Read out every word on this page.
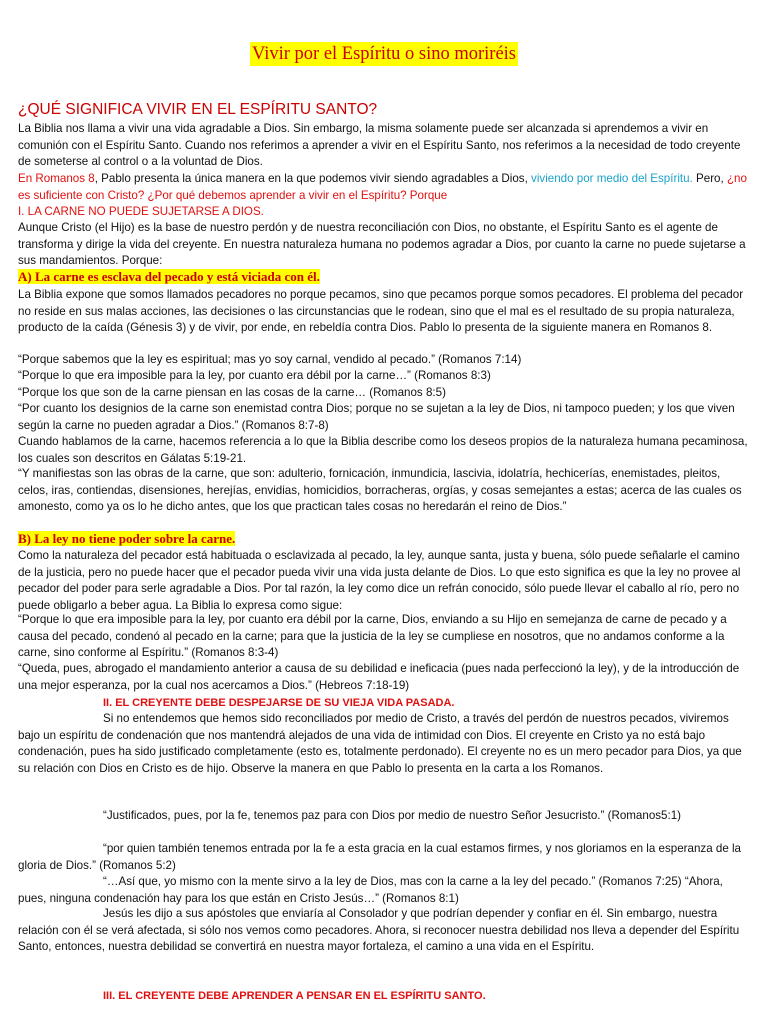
Vivir por el Espíritu o sino moriréis
¿QUÉ SIGNIFICA VIVIR EN EL ESPÍRITU SANTO?

La Biblia nos llama a vivir una vida agradable a Dios. Sin embargo, la misma solamente puede ser alcanzada si aprendemos a vivir en comunión con el Espíritu Santo. Cuando nos referimos a aprender a vivir en el Espíritu Santo, nos referimos a la necesidad de todo creyente de someterse al control o a la voluntad de Dios.

En Romanos 8, Pablo presenta la única manera en la que podemos vivir siendo agradables a Dios, viviendo por medio del Espíritu. Pero, ¿no es suficiente con Cristo? ¿Por qué debemos aprender a vivir en el Espíritu? Porque

I. LA CARNE NO PUEDE SUJETARSE A DIOS.

Aunque Cristo (el Hijo) es la base de nuestro perdón y de nuestra reconciliación con Dios, no obstante, el Espíritu Santo es el agente de transforma y dirige la vida del creyente. En nuestra naturaleza humana no podemos agradar a Dios, por cuanto la carne no puede sujetarse a sus mandamientos. Porque:

A) La carne es esclava del pecado y está viciada con él.

La Biblia expone que somos llamados pecadores no porque pecamos, sino que pecamos porque somos pecadores. El problema del pecador no reside en sus malas acciones, las decisiones o las circunstancias que le rodean, sino que el mal es el resultado de su propia naturaleza, producto de la caída (Génesis 3) y de vivir, por ende, en rebeldía contra Dios. Pablo lo presenta de la siguiente manera en Romanos 8.

“Porque sabemos que la ley es espiritual; mas yo soy carnal, vendido al pecado.” (Romanos 7:14)

“Porque lo que era imposible para la ley, por cuanto era débil por la carne…” (Romanos 8:3)

“Porque los que son de la carne piensan en las cosas de la carne… (Romanos 8:5)

“Por cuanto los designios de la carne son enemistad contra Dios; porque no se sujetan a la ley de Dios, ni tampoco pueden; y los que viven según la carne no pueden agradar a Dios.” (Romanos 8:7-8)

Cuando hablamos de la carne, hacemos referencia a lo que la Biblia describe como los deseos propios de la naturaleza humana pecaminosa, los cuales son descritos en Gálatas 5:19-21.

“Y manifiestas son las obras de la carne, que son: adulterio, fornicación, inmundicia, lascivia, idolatría, hechicerías, enemistades, pleitos, celos, iras, contiendas, disensiones, herejías, envidias, homicidios, borracheras, orgías, y cosas semejantes a estas; acerca de las cuales os amonesto, como ya os lo he dicho antes, que los que practican tales cosas no heredarán el reino de Dios.”

B) La ley no tiene poder sobre la carne.

Como la naturaleza del pecador está habituada o esclavizada al pecado, la ley, aunque santa, justa y buena, sólo puede señalarle el camino de la justicia, pero no puede hacer que el pecador pueda vivir una vida justa delante de Dios. Lo que esto significa es que la ley no provee al pecador del poder para serle agradable a Dios. Por tal razón, la ley como dice un refrán conocido, sólo puede llevar el caballo al río, pero no puede obligarlo a beber agua. La Biblia lo expresa como sigue:

“Porque lo que era imposible para la ley, por cuanto era débil por la carne, Dios, enviando a su Hijo en semejanza de carne de pecado y a causa del pecado, condenó al pecado en la carne; para que la justicia de la ley se cumpliese en nosotros, que no andamos conforme a la carne, sino conforme al Espíritu.” (Romanos 8:3-4)

“Queda, pues, abrogado el mandamiento anterior a causa de su debilidad e ineficacia (pues nada perfeccionó la ley), y de la introducción de una mejor esperanza, por la cual nos acercamos a Dios.” (Hebreos 7:18-19)

II. EL CREYENTE DEBE DESPEJARSE DE SU VIEJA VIDA PASADA.

Si no entendemos que hemos sido reconciliados por medio de Cristo, a través del perdón de nuestros pecados, viviremos bajo un espíritu de condenación que nos mantendrá alejados de una vida de intimidad con Dios. El creyente en Cristo ya no está bajo condenación, pues ha sido justificado completamente (esto es, totalmente perdonado). El creyente no es un mero pecador para Dios, ya que su relación con Dios en Cristo es de hijo. Observe la manera en que Pablo lo presenta en la carta a los Romanos.

“Justificados, pues, por la fe, tenemos paz para con Dios por medio de nuestro Señor Jesucristo.” (Romanos5:1)

“por quien también tenemos entrada por la fe a esta gracia en la cual estamos firmes, y nos gloriamos en la esperanza de la gloria de Dios.” (Romanos 5:2)

“…Así que, yo mismo con la mente sirvo a la ley de Dios, mas con la carne a la ley del pecado.” (Romanos 7:25) “Ahora, pues, ninguna condenación hay para los que están en Cristo Jesús…” (Romanos 8:1)

Jesús les dijo a sus apóstoles que enviaría al Consolador y que podrían depender y confiar en él. Sin embargo, nuestra relación con él se verá afectada, si sólo nos vemos como pecadores. Ahora, si reconocer nuestra debilidad nos lleva a depender del Espíritu Santo, entonces, nuestra debilidad se convertirá en nuestra mayor fortaleza, el camino a una vida en el Espíritu.

III. EL CREYENTE DEBE APRENDER A PENSAR EN EL ESPÍRITU SANTO.
